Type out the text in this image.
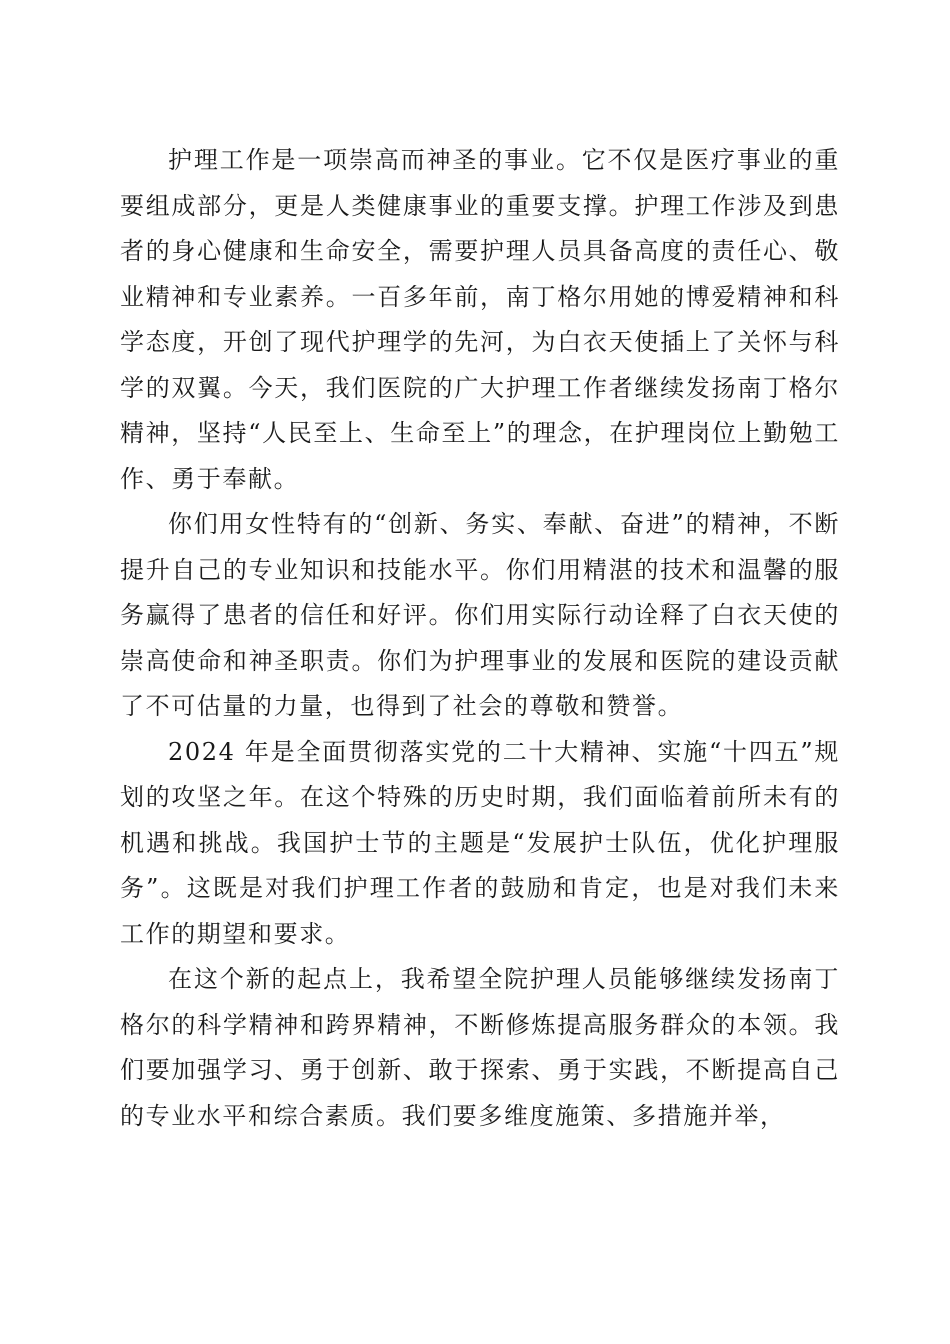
护理工作是一项崇高而神圣的事业。它不仅是医疗事业的重要组成部分，更是人类健康事业的重要支撑。护理工作涉及到患者的身心健康和生命安全，需要护理人员具备高度的责任心、敬业精神和专业素养。一百多年前，南丁格尔用她的博爱精神和科学态度，开创了现代护理学的先河，为白衣天使插上了关怀与科学的双翼。今天，我们医院的广大护理工作者继续发扬南丁格尔精神，坚持“人民至上、生命至上”的理念，在护理岗位上勤勉工作、勇于奉献。

你们用女性特有的“创新、务实、奉献、奋进”的精神，不断提升自己的专业知识和技能水平。你们用精湛的技术和温馨的服务赢得了患者的信任和好评。你们用实际行动诠释了白衣天使的崇高使命和神圣职责。你们为护理事业的发展和医院的建设贡献了不可估量的力量，也得到了社会的尊敬和赞誉。

2024 年是全面贯彻落实党的二十大精神、实施“十四五”规划的攻坚之年。在这个特殊的历史时期，我们面临着前所未有的机遇和挑战。我国护士节的主题是“发展护士队伍，优化护理服务”。这既是对我们护理工作者的鼓励和肯定，也是对我们未来工作的期望和要求。

在这个新的起点上，我希望全院护理人员能够继续发扬南丁格尔的科学精神和跨界精神，不断修炼提高服务群众的本领。我们要加强学习、勇于创新、敢于探索、勇于实践，不断提高自己的专业水平和综合素质。我们要多维度施策、多措施并举，
